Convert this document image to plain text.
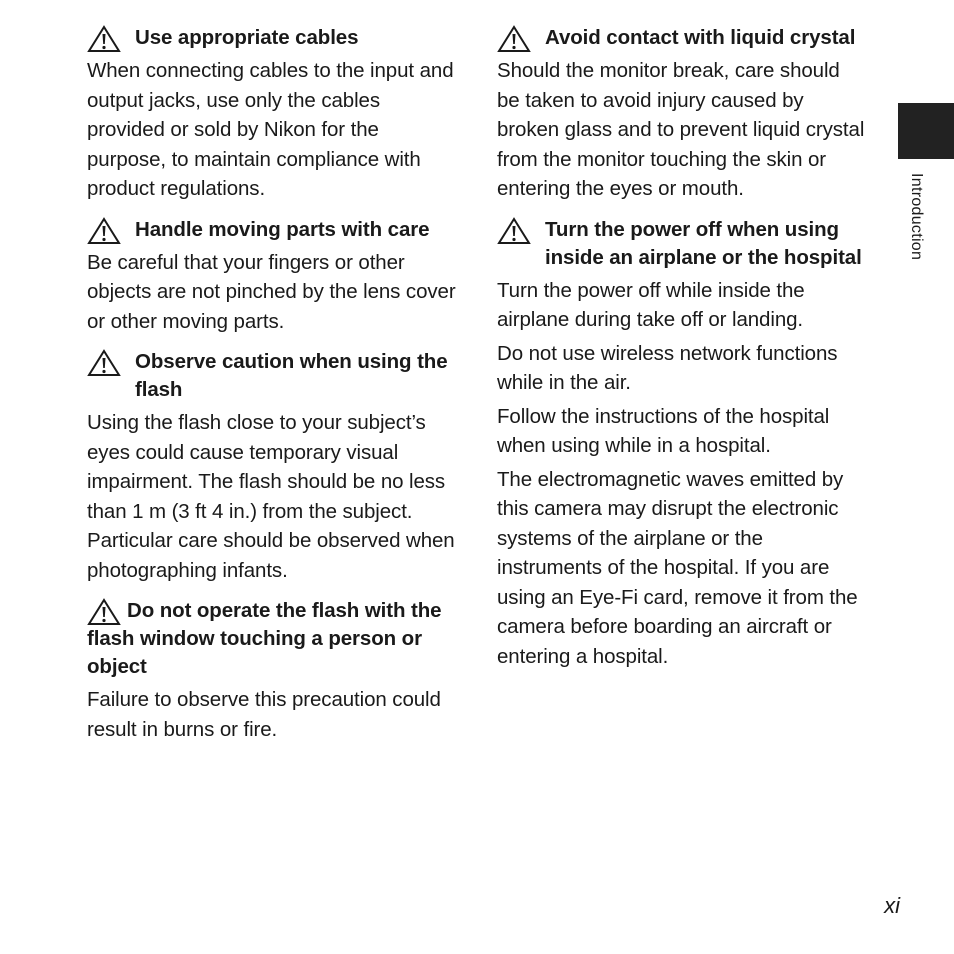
Use appropriate cables

When connecting cables to the input and output jacks, use only the cables provided or sold by Nikon for the purpose, to maintain compliance with product regulations.

Handle moving parts with care

Be careful that your fingers or other objects are not pinched by the lens cover or other moving parts.

Observe caution when using the flash

Using the flash close to your subject’s eyes could cause temporary visual impairment. The flash should be no less than 1 m (3 ft 4 in.) from the subject. Particular care should be observed when photographing infants.

Do not operate the flash with the flash window touching a person or object

Failure to observe this precaution could result in burns or fire.

Avoid contact with liquid crystal

Should the monitor break, care should be taken to avoid injury caused by broken glass and to prevent liquid crystal from the monitor touching the skin or entering the eyes or mouth.

Turn the power off when using inside an airplane or the hospital

Turn the power off while inside the airplane during take off or landing.

Do not use wireless network functions while in the air.

Follow the instructions of the hospital when using while in a hospital.

The electromagnetic waves emitted by this camera may disrupt the electronic systems of the airplane or the instruments of the hospital. If you are using an Eye-Fi card, remove it from the camera before boarding an aircraft or entering a hospital.

Introduction
xi
